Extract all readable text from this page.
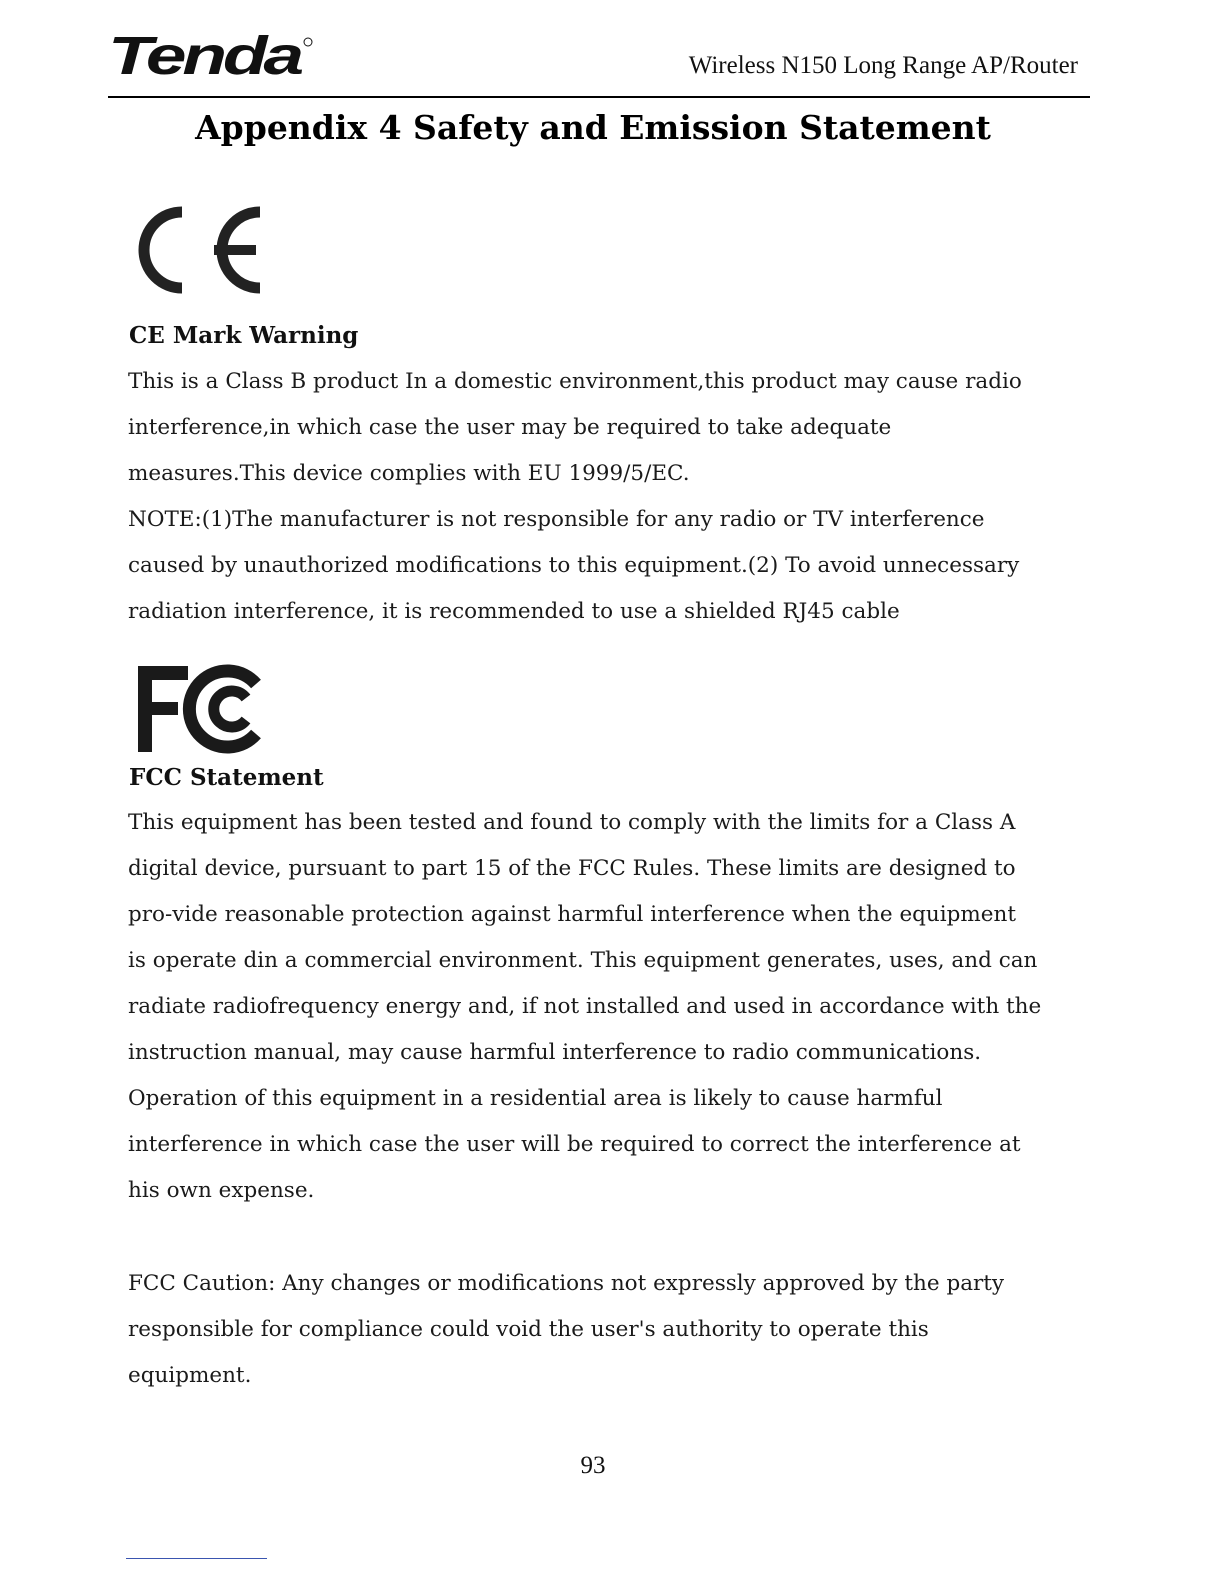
Tenda	Wireless N150 Long Range AP/Router
Appendix 4 Safety and Emission Statement
CE Mark Warning
This is a Class B product In a domestic environment,this product may cause radio
interference,in which case the user may be required to take adequate
measures.This device complies with EU 1999/5/EC.
NOTE:(1)The manufacturer is not responsible for any radio or TV interference
caused by unauthorized modifications to this equipment.(2) To avoid unnecessary
radiation interference, it is recommended to use a shielded RJ45 cable
FCC Statement
This equipment has been tested and found to comply with the limits for a Class A
digital device, pursuant to part 15 of the FCC Rules. These limits are designed to
pro-vide reasonable protection against harmful interference when the equipment
is operate din a commercial environment. This equipment generates, uses, and can
radiate radiofrequency energy and, if not installed and used in accordance with the
instruction manual, may cause harmful interference to radio communications.
Operation of this equipment in a residential area is likely to cause harmful
interference in which case the user will be required to correct the interference at
his own expense.
FCC Caution: Any changes or modifications not expressly approved by the party
responsible for compliance could void the user's authority to operate this
equipment.
93
